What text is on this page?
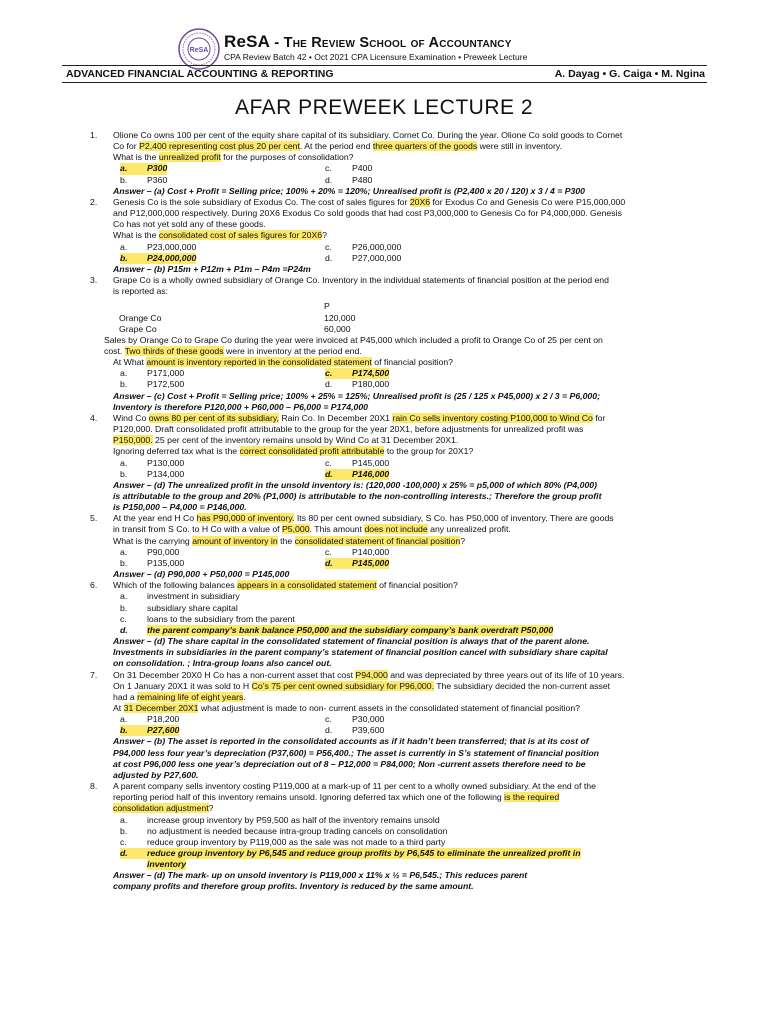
ReSA ReSA - The Review School of Accountancy
CPA Review Batch 42 • Oct 2021 CPA Licensure Examination • Preweek Lecture
ADVANCED FINANCIAL ACCOUNTING & REPORTING	A. Dayag • G. Caiga • M. Ngina
AFAR PREWEEK LECTURE 2
1.	Olione Co owns 100 per cent of the equity share capital of its subsidiary. Cornet Co. During the year. Olione Co sold goods to Cornet
Co for P2,400 representing cost plus 20 per cent. At the period end three quarters of the goods were still in inventory.
What is the unrealized profit for the purposes of consolidation?
a.	P300	c.	P400
b.	P360	d.	P480
Answer – (a) Cost + Profit = Selling price; 100% + 20% = 120%; Unrealised profit is (P2,400 x 20 / 120) x 3 / 4 = P300
2.	Genesis Co is the sole subsidiary of Exodus Co. The cost of sales figures for 20X6 for Exodus Co and Genesis Co were P15,000,000
and P12,000,000 respectively. During 20X6 Exodus Co sold goods that had cost P3,000,000 to Genesis Co for P4,000,000. Genesis
Co has not yet sold any of these goods.
What is the consolidated cost of sales figures for 20X6?
a.	P23,000,000	c.	P26,000,000
b.	P24,000,000	d.	P27,000,000
Answer – (b) P15m + P12m + P1m – P4m =P24m
3.	Grape Co is a wholly owned subsidiary of Orange Co. Inventory in the individual statements of financial position at the period end
is reported as:
P
Orange Co	120,000
Grape Co	60,000
Sales by Orange Co to Grape Co during the year were invoiced at P45,000 which included a profit to Orange Co of 25 per cent on
cost. Two thirds of these goods were in inventory at the period end.
At What amount is inventory reported in the consolidated statement of financial position?
a.	P171,000	c.	P174,500
b.	P172,500	d.	P180,000
Answer – (c) Cost + Profit = Selling price; 100% + 25% = 125%; Unrealised profit is (25 / 125 x P45,000) x 2 / 3 = P6,000;
Inventory is therefore P120,000 + P60,000 – P6,000 = P174,000
4.	Wind Co owns 80 per cent of its subsidiary, Rain Co. In December 20X1 rain Co sells inventory costing P100,000 to Wind Co for
P120,000. Draft consolidated profit attributable to the group for the year 20X1, before adjustments for unrealized profit was
P150,000. 25 per cent of the inventory remains unsold by Wind Co at 31 December 20X1.
Ignoring deferred tax what is the correct consolidated profit attributable to the group for 20X1?
a.	P130,000	c.	P145,000
b.	P134,000	d.	P146,000
Answer – (d) The unrealized profit in the unsold inventory is: (120,000 -100,000) x 25% = p5,000 of which 80% (P4,000)
is attributable to the group and 20% (P1,000) is attributable to the non-controlling interests.; Therefore the group profit
is P150,000 – P4,000 = P146,000.
5.	At the year end H Co has P90,000 of inventory. Its 80 per cent owned subsidiary, S Co. has P50,000 of inventory. There are goods
in transit from S Co. to H Co with a value of P5,000. This amount does not include any unrealized profit.
What is the carrying amount of inventory in the consolidated statement of financial position?
a.	P90,000	c.	P140,000
b.	P135,000	d.	P145,000
Answer – (d) P90,000 + P50,000 = P145,000
6.	Which of the following balances appears in a consolidated statement of financial position?
a.	investment in subsidiary
b.	subsidiary share capital
c.	loans to the subsidiary from the parent
d.	the parent company’s bank balance P50,000 and the subsidiary company’s bank overdraft P50,000
Answer – (d) The share capital in the consolidated statement of financial position is always that of the parent alone.
Investments in subsidiaries in the parent company’s statement of financial position cancel with subsidiary share capital
on consolidation. ; Intra-group loans also cancel out.
7.	On 31 December 20X0 H Co has a non-current asset that cost P94,000 and was depreciated by three years out of its life of 10 years.
On 1 January 20X1 it was sold to H Co’s 75 per cent owned subsidiary for P96,000. The subsidiary decided the non-current asset
had a remaining life of eight years.
At 31 December 20X1 what adjustment is made to non- current assets in the consolidated statement of financial position?
a.	P18,200	c.	P30,000
b.	P27,600	d.	P39,600
Answer – (b) The asset is reported in the consolidated accounts as if it hadn’t been transferred; that is at its cost of
P94,000 less four year’s depreciation (P37,600) = P56,400.; The asset is currently in S’s statement of financial position
at cost P96,000 less one year’s depreciation out of 8 – P12,000 = P84,000; Non -current assets therefore need to be
adjusted by P27,600.
8.	A parent company sells inventory costing P119,000 at a mark-up of 11 per cent to a wholly owned subsidiary. At the end of the
reporting period half of this inventory remains unsold. Ignoring deferred tax which one of the following is the required
consolidation adjustment?
a.	increase group inventory by P59,500 as half of the inventory remains unsold
b.	no adjustment is needed because intra-group trading cancels on consolidation
c.	reduce group inventory by P119,000 as the sale was not made to a third party
d.	reduce group inventory by P6,545 and reduce group profits by P6,545 to eliminate the unrealized profit in
inventory
Answer – (d) The mark- up on unsold inventory is P119,000 x 11% x ½ = P6,545.; This reduces parent
company profits and therefore group profits. Inventory is reduced by the same amount.
